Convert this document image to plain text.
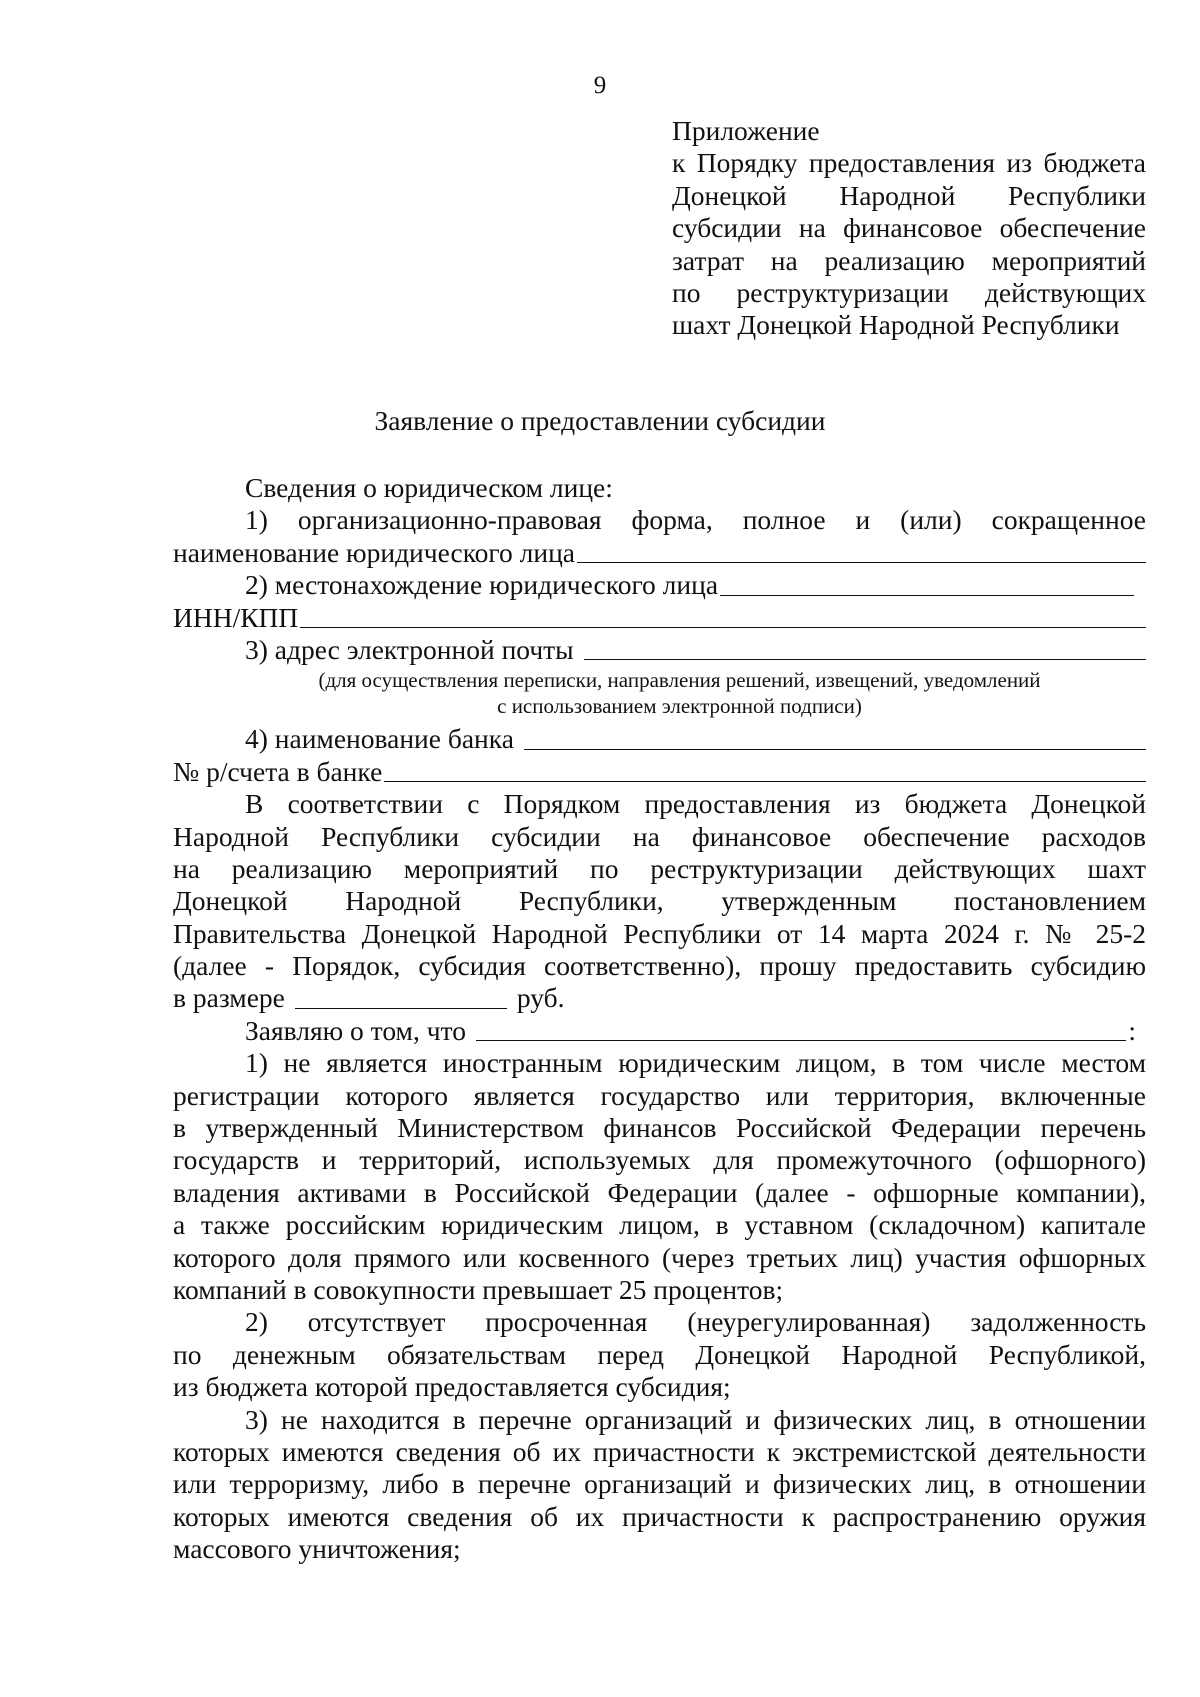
9
Приложение
к Порядку предоставления из бюджета
Донецкой Народной Республики
субсидии на финансовое обеспечение
затрат на реализацию мероприятий
по реструктуризации действующих
шахт Донецкой Народной Республики
Заявление о предоставлении субсидии
Сведения о юридическом лице:
1) организационно-правовая форма, полное и (или) сокращенное
наименование юридического лица
2) местонахождение юридического лица
ИНН/КПП
3) адрес электронной почты
(для осуществления переписки, направления решений, извещений, уведомлений
с использованием электронной подписи)
4) наименование банка
№ р/счета в банке
В соответствии с Порядком предоставления из бюджета Донецкой
Народной Республики субсидии на финансовое обеспечение расходов
на реализацию мероприятий по реструктуризации действующих шахт
Донецкой Народной Республики, утвержденным постановлением
Правительства Донецкой Народной Республики от 14 марта 2024 г. № 25-2
(далее - Порядок, субсидия соответственно), прошу предоставить субсидию
в размере	руб.
Заявляю о том, что	:
1) не является иностранным юридическим лицом, в том числе местом
регистрации которого является государство или территория, включенные
в утвержденный Министерством финансов Российской Федерации перечень
государств и территорий, используемых для промежуточного (офшорного)
владения активами в Российской Федерации (далее - офшорные компании),
а также российским юридическим лицом, в уставном (складочном) капитале
которого доля прямого или косвенного (через третьих лиц) участия офшорных
компаний в совокупности превышает 25 процентов;
2) отсутствует просроченная (неурегулированная) задолженность
по денежным обязательствам перед Донецкой Народной Республикой,
из бюджета которой предоставляется субсидия;
3) не находится в перечне организаций и физических лиц, в отношении
которых имеются сведения об их причастности к экстремистской деятельности
или терроризму, либо в перечне организаций и физических лиц, в отношении
которых имеются сведения об их причастности к распространению оружия
массового уничтожения;
